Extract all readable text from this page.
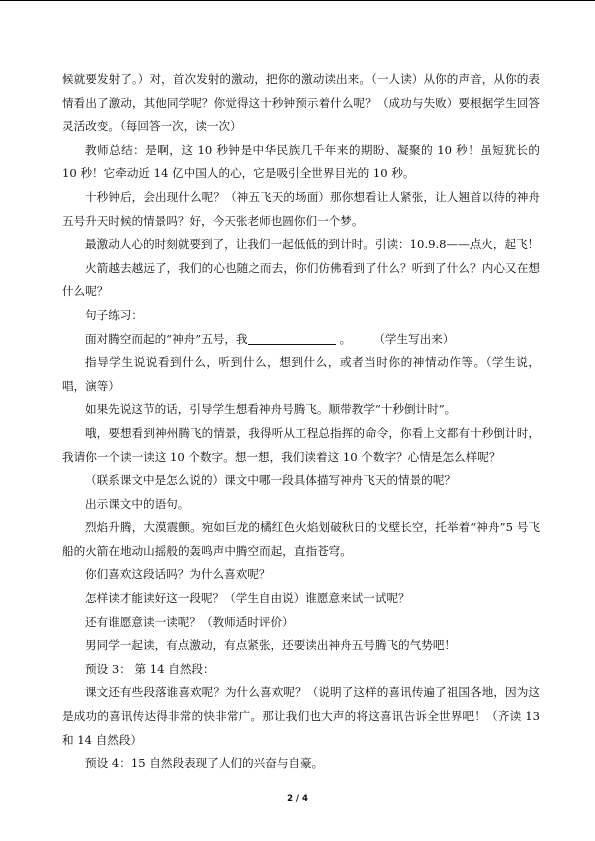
候就要发射了。）对，首次发射的激动，把你的激动读出来。（一人读）从你的声音，从你的表情看出了激动，其他同学呢？你觉得这十秒钟预示着什么呢？（成功与失败）要根据学生回答灵活改变。（每回答一次，读一次）

教师总结：是啊，这 10 秒钟是中华民族几千年来的期盼、凝聚的 10 秒！虽短犹长的 10 秒！它牵动近 14 亿中国人的心，它是吸引全世界目光的 10 秒。

十秒钟后，会出现什么呢？（神五飞天的场面）那你想看让人紧张，让人翘首以待的神舟五号升天时候的情景吗？好，今天张老师也圆你们一个梦。

最激动人心的时刻就要到了，让我们一起低低的到计时。引读：10.9.8——点火，起飞！

火箭越去越远了，我们的心也随之而去，你们仿佛看到了什么？听到了什么？内心又在想什么呢？

句子练习：

面对腾空而起的“神舟”五号，我	。 （学生写出来）

指导学生说说看到什么，听到什么，想到什么，或者当时你的神情动作等。（学生说，唱，演等）

如果先说这节的话，引导学生想看神舟号腾飞。顺带教学“十秒倒计时”。

哦，要想看到神州腾飞的情景，我得听从工程总指挥的命令，你看上文都有十秒倒计时，我请你一个读一读这 10 个数字。想一想，我们读着这 10 个数字？心情是怎么样呢？

（联系课文中是怎么说的）课文中哪一段具体描写神舟飞天的情景的呢？

出示课文中的语句。

烈焰升腾，大漠震颤。宛如巨龙的橘红色火焰划破秋日的戈壁长空，托举着“神舟”5 号飞船的火箭在地动山摇般的轰鸣声中腾空而起，直指苍穹。

你们喜欢这段话吗？为什么喜欢呢？

怎样读才能读好这一段呢？（学生自由说）谁愿意来试一试呢？

还有谁愿意读一读呢？（教师适时评价）

男同学一起读，有点激动，有点紧张，还要读出神舟五号腾飞的气势吧！

预设 3： 第 14 自然段：

课文还有些段落谁喜欢呢？为什么喜欢呢？（说明了这样的喜讯传遍了祖国各地，因为这是成功的喜讯传达得非常的快非常广。那让我们也大声的将这喜讯告诉全世界吧！（齐读 13 和 14 自然段）

预设 4：15 自然段表现了人们的兴奋与自豪。

2 / 4
